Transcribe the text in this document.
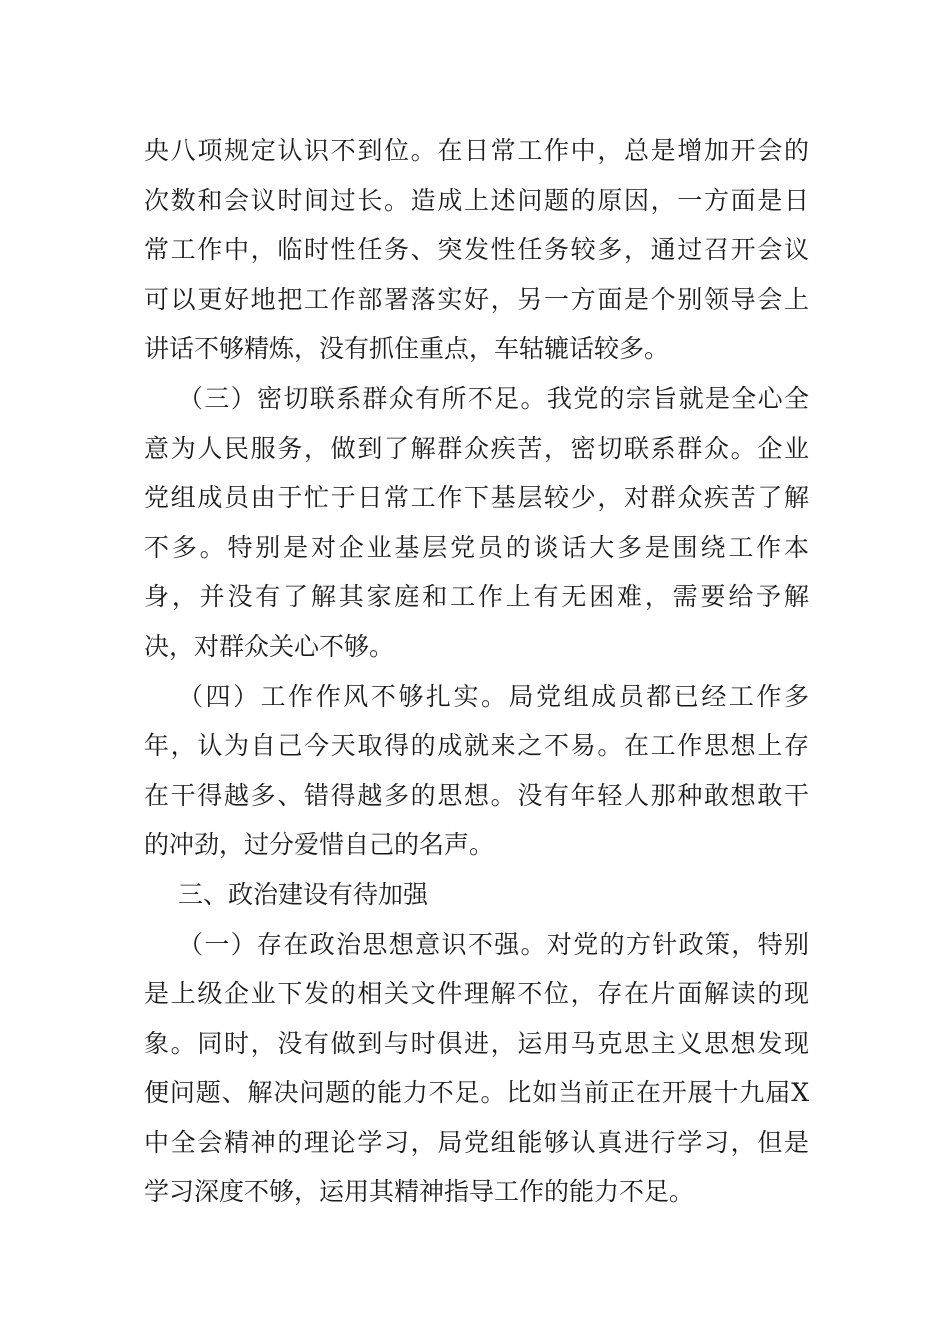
央八项规定认识不到位。在日常工作中，总是增加开会的
次数和会议时间过长。造成上述问题的原因，一方面是日
常工作中，临时性任务、突发性任务较多，通过召开会议
可以更好地把工作部署落实好，另一方面是个别领导会上
讲话不够精炼，没有抓住重点，车轱辘话较多。
（三）密切联系群众有所不足。我党的宗旨就是全心全
意为人民服务，做到了解群众疾苦，密切联系群众。企业
党组成员由于忙于日常工作下基层较少，对群众疾苦了解
不多。特别是对企业基层党员的谈话大多是围绕工作本
身，并没有了解其家庭和工作上有无困难，需要给予解
决，对群众关心不够。
（四）工作作风不够扎实。局党组成员都已经工作多
年，认为自己今天取得的成就来之不易。在工作思想上存
在干得越多、错得越多的思想。没有年轻人那种敢想敢干
的冲劲，过分爱惜自己的名声。
三、政治建设有待加强
（一）存在政治思想意识不强。对党的方针政策，特别
是上级企业下发的相关文件理解不位，存在片面解读的现
象。同时，没有做到与时俱进，运用马克思主义思想发现
便问题、解决问题的能力不足。比如当前正在开展十九届X
中全会精神的理论学习，局党组能够认真进行学习，但是
学习深度不够，运用其精神指导工作的能力不足。
